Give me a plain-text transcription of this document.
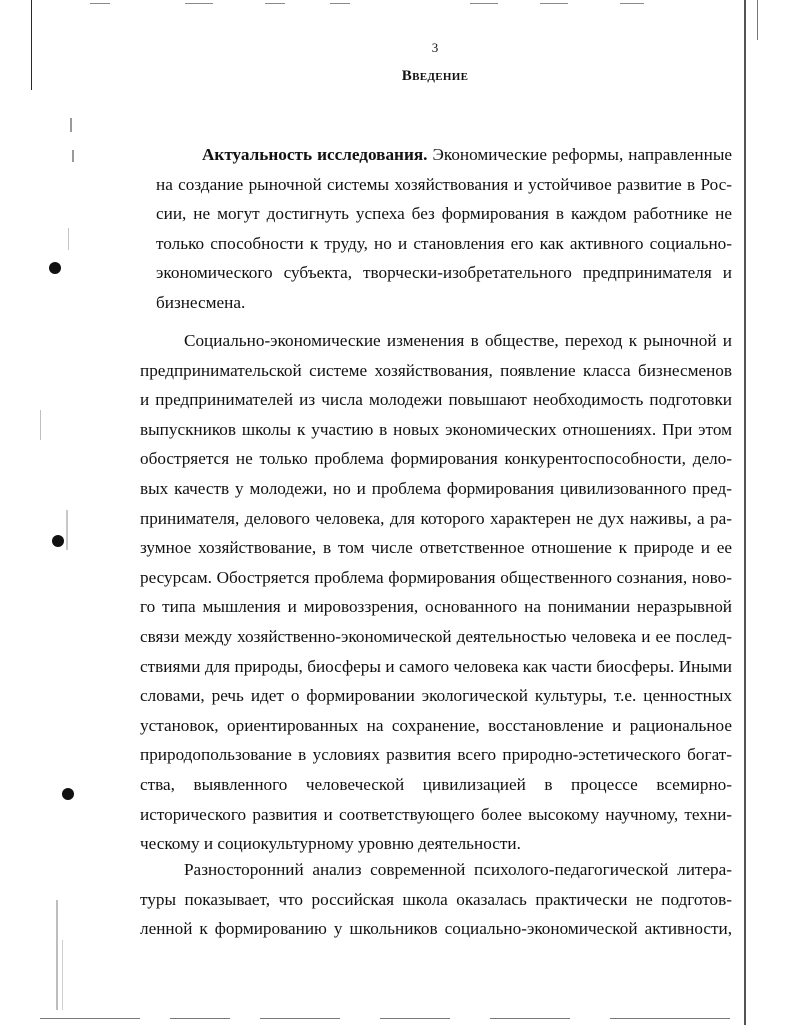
3
Введение
Актуальность исследования. Экономические реформы, направленные
на создание рыночной системы хозяйствования и устойчивое развитие в Рос-
сии, не могут достигнуть успеха без формирования в каждом работнике не
только способности к труду, но и становления его как активного социально-
экономического субъекта, творчески-изобретательного предпринимателя и
бизнесмена.
Социально-экономические изменения в обществе, переход к рыночной и
предпринимательской системе хозяйствования, появление класса бизнесменов
и предпринимателей из числа молодежи повышают необходимость подготовки
выпускников школы к участию в новых экономических отношениях. При этом
обостряется не только проблема формирования конкурентоспособности, дело-
вых качеств у молодежи, но и проблема формирования цивилизованного пред-
принимателя, делового человека, для которого характерен не дух наживы, а ра-
зумное хозяйствование, в том числе ответственное отношение к природе и ее
ресурсам. Обостряется проблема формирования общественного сознания, ново-
го типа мышления и мировоззрения, основанного на понимании неразрывной
связи между хозяйственно-экономической деятельностью человека и ее послед-
ствиями для природы, биосферы и самого человека как части биосферы. Иными
словами, речь идет о формировании экологической культуры, т.е. ценностных
установок, ориентированных на сохранение, восстановление и рациональное
природопользование в условиях развития всего природно-эстетического богат-
ства, выявленного человеческой цивилизацией в процессе всемирно-
исторического развития и соответствующего более высокому научному, техни-
ческому и социокультурному уровню деятельности.
Разносторонний анализ современной психолого-педагогической литера-
туры показывает, что российская школа оказалась практически не подготов-
ленной к формированию у школьников социально-экономической активности,
